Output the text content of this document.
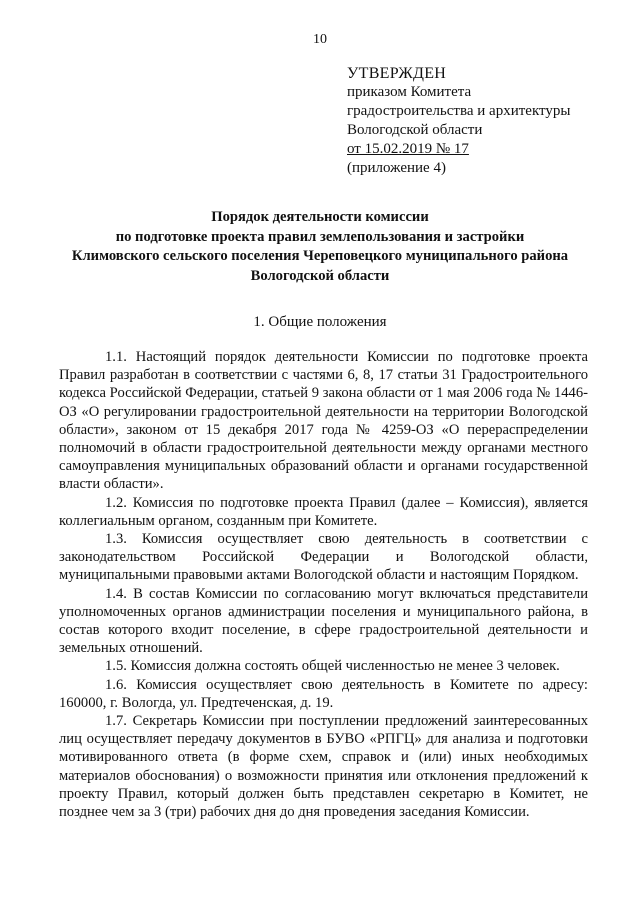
10
УТВЕРЖДЕН
приказом Комитета
градостроительства и архитектуры
Вологодской области
от 15.02.2019 № 17
(приложение 4)
Порядок деятельности комиссии
по подготовке проекта правил землепользования и застройки
Климовского сельского поселения Череповецкого муниципального района
Вологодской области
1. Общие положения

1.1. Настоящий порядок деятельности Комиссии по подготовке проекта Правил разработан в соответствии с частями 6, 8, 17 статьи 31 Градостроительного кодекса Российской Федерации, статьей 9 закона области от 1 мая 2006 года № 1446-ОЗ «О регулировании градостроительной деятельности на территории Вологодской области», законом от 15 декабря 2017 года № 4259-ОЗ «О перераспределении полномочий в области градостроительной деятельности между органами местного самоуправления муниципальных образований области и органами государственной власти области».

1.2. Комиссия по подготовке проекта Правил (далее – Комиссия), является коллегиальным органом, созданным при Комитете.

1.3. Комиссия осуществляет свою деятельность в соответствии с законодательством Российской Федерации и Вологодской области, муниципальными правовыми актами Вологодской области и настоящим Порядком.

1.4. В состав Комиссии по согласованию могут включаться представители уполномоченных органов администрации поселения и муниципального района, в состав которого входит поселение, в сфере градостроительной деятельности и земельных отношений.

1.5. Комиссия должна состоять общей численностью не менее 3 человек.

1.6. Комиссия осуществляет свою деятельность в Комитете по адресу: 160000, г. Вологда, ул. Предтеченская, д. 19.

1.7. Секретарь Комиссии при поступлении предложений заинтересованных лиц осуществляет передачу документов в БУВО «РПГЦ» для анализа и подготовки мотивированного ответа (в форме схем, справок и (или) иных необходимых материалов обоснования) о возможности принятия или отклонения предложений к проекту Правил, который должен быть представлен секретарю в Комитет, не позднее чем за 3 (три) рабочих дня до дня проведения заседания Комиссии.
